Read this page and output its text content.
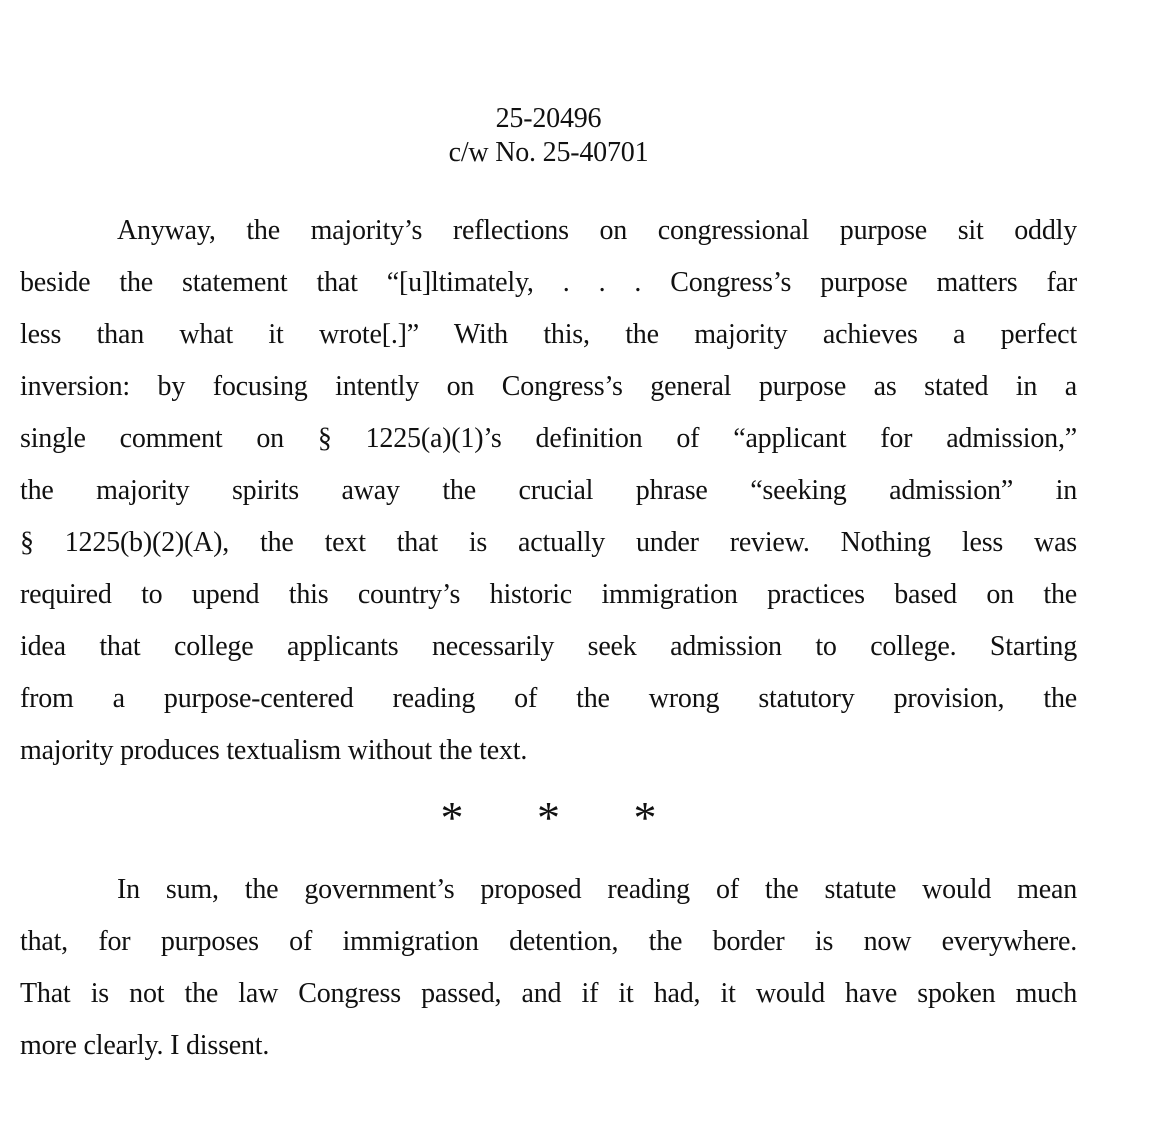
25-20496
c/w No. 25-40701
Anyway, the majority’s reflections on congressional purpose sit oddly
beside the statement that “[u]ltimately, . . . Congress’s purpose matters far
less than what it wrote[.]” With this, the majority achieves a perfect
inversion: by focusing intently on Congress’s general purpose as stated in a
single comment on § 1225(a)(1)’s definition of “applicant for admission,”
the majority spirits away the crucial phrase “seeking admission” in
§ 1225(b)(2)(A), the text that is actually under review. Nothing less was
required to upend this country’s historic immigration practices based on the
idea that college applicants necessarily seek admission to college. Starting
from a purpose-centered reading of the wrong statutory provision, the
majority produces textualism without the text.
* * *
In sum, the government’s proposed reading of the statute would mean
that, for purposes of immigration detention, the border is now everywhere.
That is not the law Congress passed, and if it had, it would have spoken much
more clearly. I dissent.
